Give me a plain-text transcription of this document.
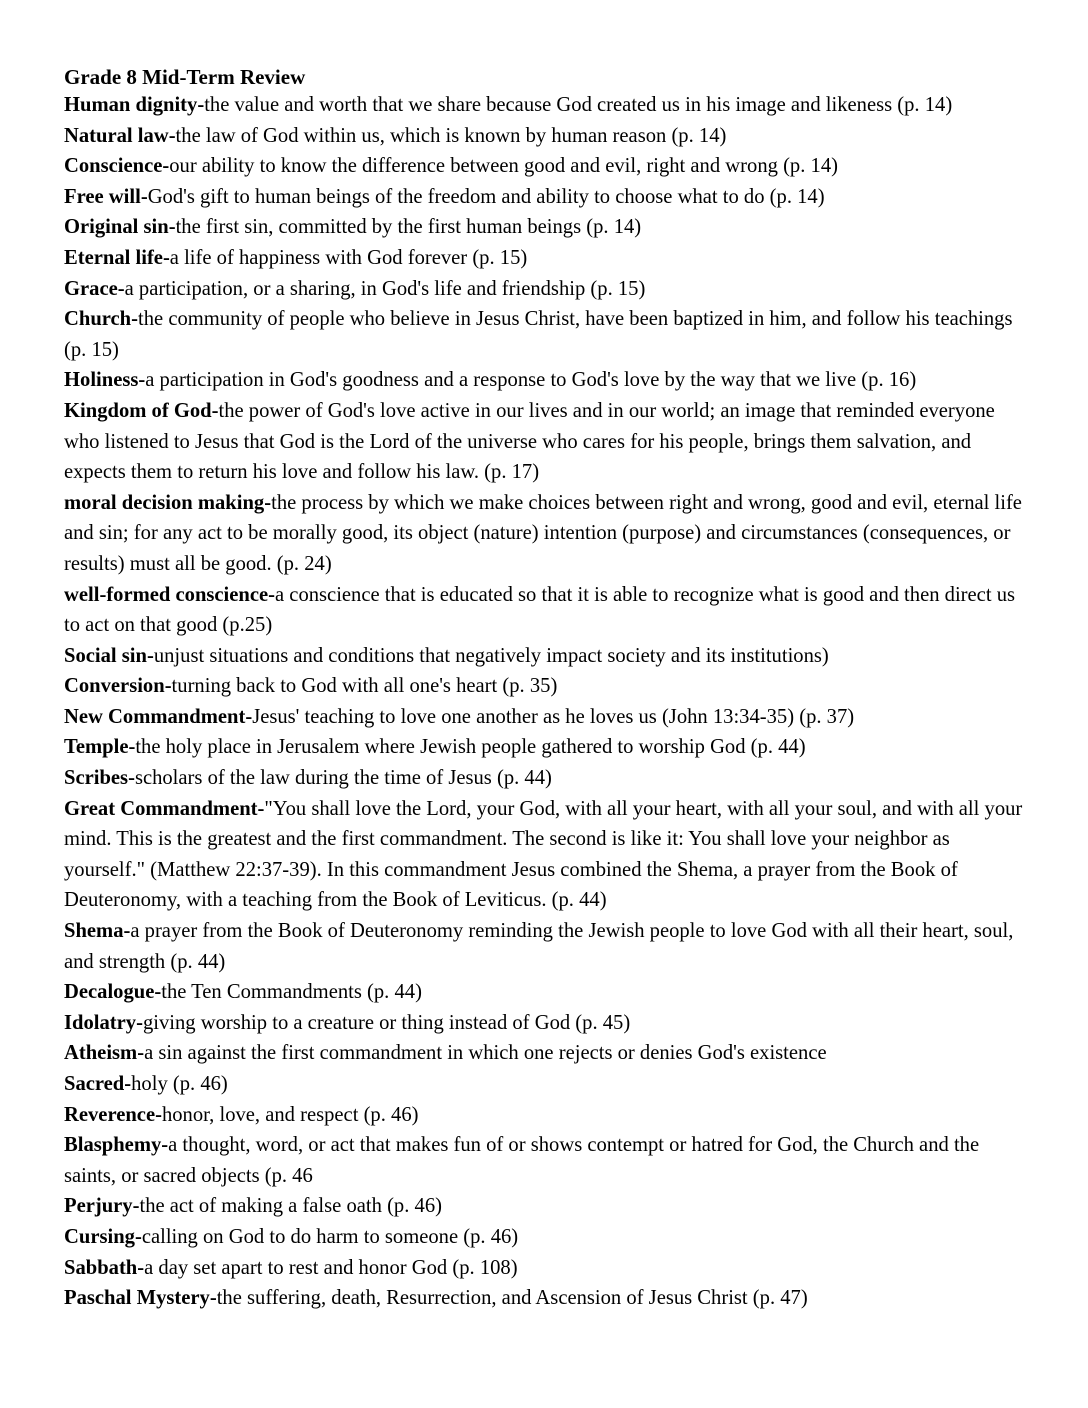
Grade 8 Mid-Term Review
Human dignity-the value and worth that we share because God created us in his image and likeness (p. 14)
Natural law-the law of God within us, which is known by human reason (p. 14)
Conscience-our ability to know the difference between good and evil, right and wrong (p. 14)
Free will-God's gift to human beings of the freedom and ability to choose what to do (p. 14)
Original sin-the first sin, committed by the first human beings (p. 14)
Eternal life-a life of happiness with God forever (p. 15)
Grace-a participation, or a sharing, in God's life and friendship (p. 15)
Church-the community of people who believe in Jesus Christ, have been baptized in him, and follow his teachings (p. 15)
Holiness-a participation in God's goodness and a response to God's love by the way that we live (p. 16)
Kingdom of God-the power of God's love active in our lives and in our world; an image that reminded everyone who listened to Jesus that God is the Lord of the universe who cares for his people, brings them salvation, and expects them to return his love and follow his law. (p. 17)
moral decision making-the process by which we make choices between right and wrong, good and evil, eternal life and sin; for any act to be morally good, its object (nature) intention (purpose) and circumstances (consequences, or results) must all be good. (p. 24)
well-formed conscience-a conscience that is educated so that it is able to recognize what is good and then direct us to act on that good (p.25)
Social sin-unjust situations and conditions that negatively impact society and its institutions)
Conversion-turning back to God with all one's heart (p. 35)
New Commandment-Jesus' teaching to love one another as he loves us (John 13:34-35) (p. 37)
Temple-the holy place in Jerusalem where Jewish people gathered to worship God (p. 44)
Scribes-scholars of the law during the time of Jesus (p. 44)
Great Commandment-"You shall love the Lord, your God, with all your heart, with all your soul, and with all your mind. This is the greatest and the first commandment. The second is like it: You shall love your neighbor as yourself." (Matthew 22:37-39). In this commandment Jesus combined the Shema, a prayer from the Book of Deuteronomy, with a teaching from the Book of Leviticus. (p. 44)
Shema-a prayer from the Book of Deuteronomy reminding the Jewish people to love God with all their heart, soul, and strength (p. 44)
Decalogue-the Ten Commandments (p. 44)
Idolatry-giving worship to a creature or thing instead of God (p. 45)
Atheism-a sin against the first commandment in which one rejects or denies God's existence
Sacred-holy (p. 46)
Reverence-honor, love, and respect (p. 46)
Blasphemy-a thought, word, or act that makes fun of or shows contempt or hatred for God, the Church and the saints, or sacred objects (p. 46
Perjury-the act of making a false oath (p. 46)
Cursing-calling on God to do harm to someone (p. 46)
Sabbath-a day set apart to rest and honor God (p. 108)
Paschal Mystery-the suffering, death, Resurrection, and Ascension of Jesus Christ (p. 47)
